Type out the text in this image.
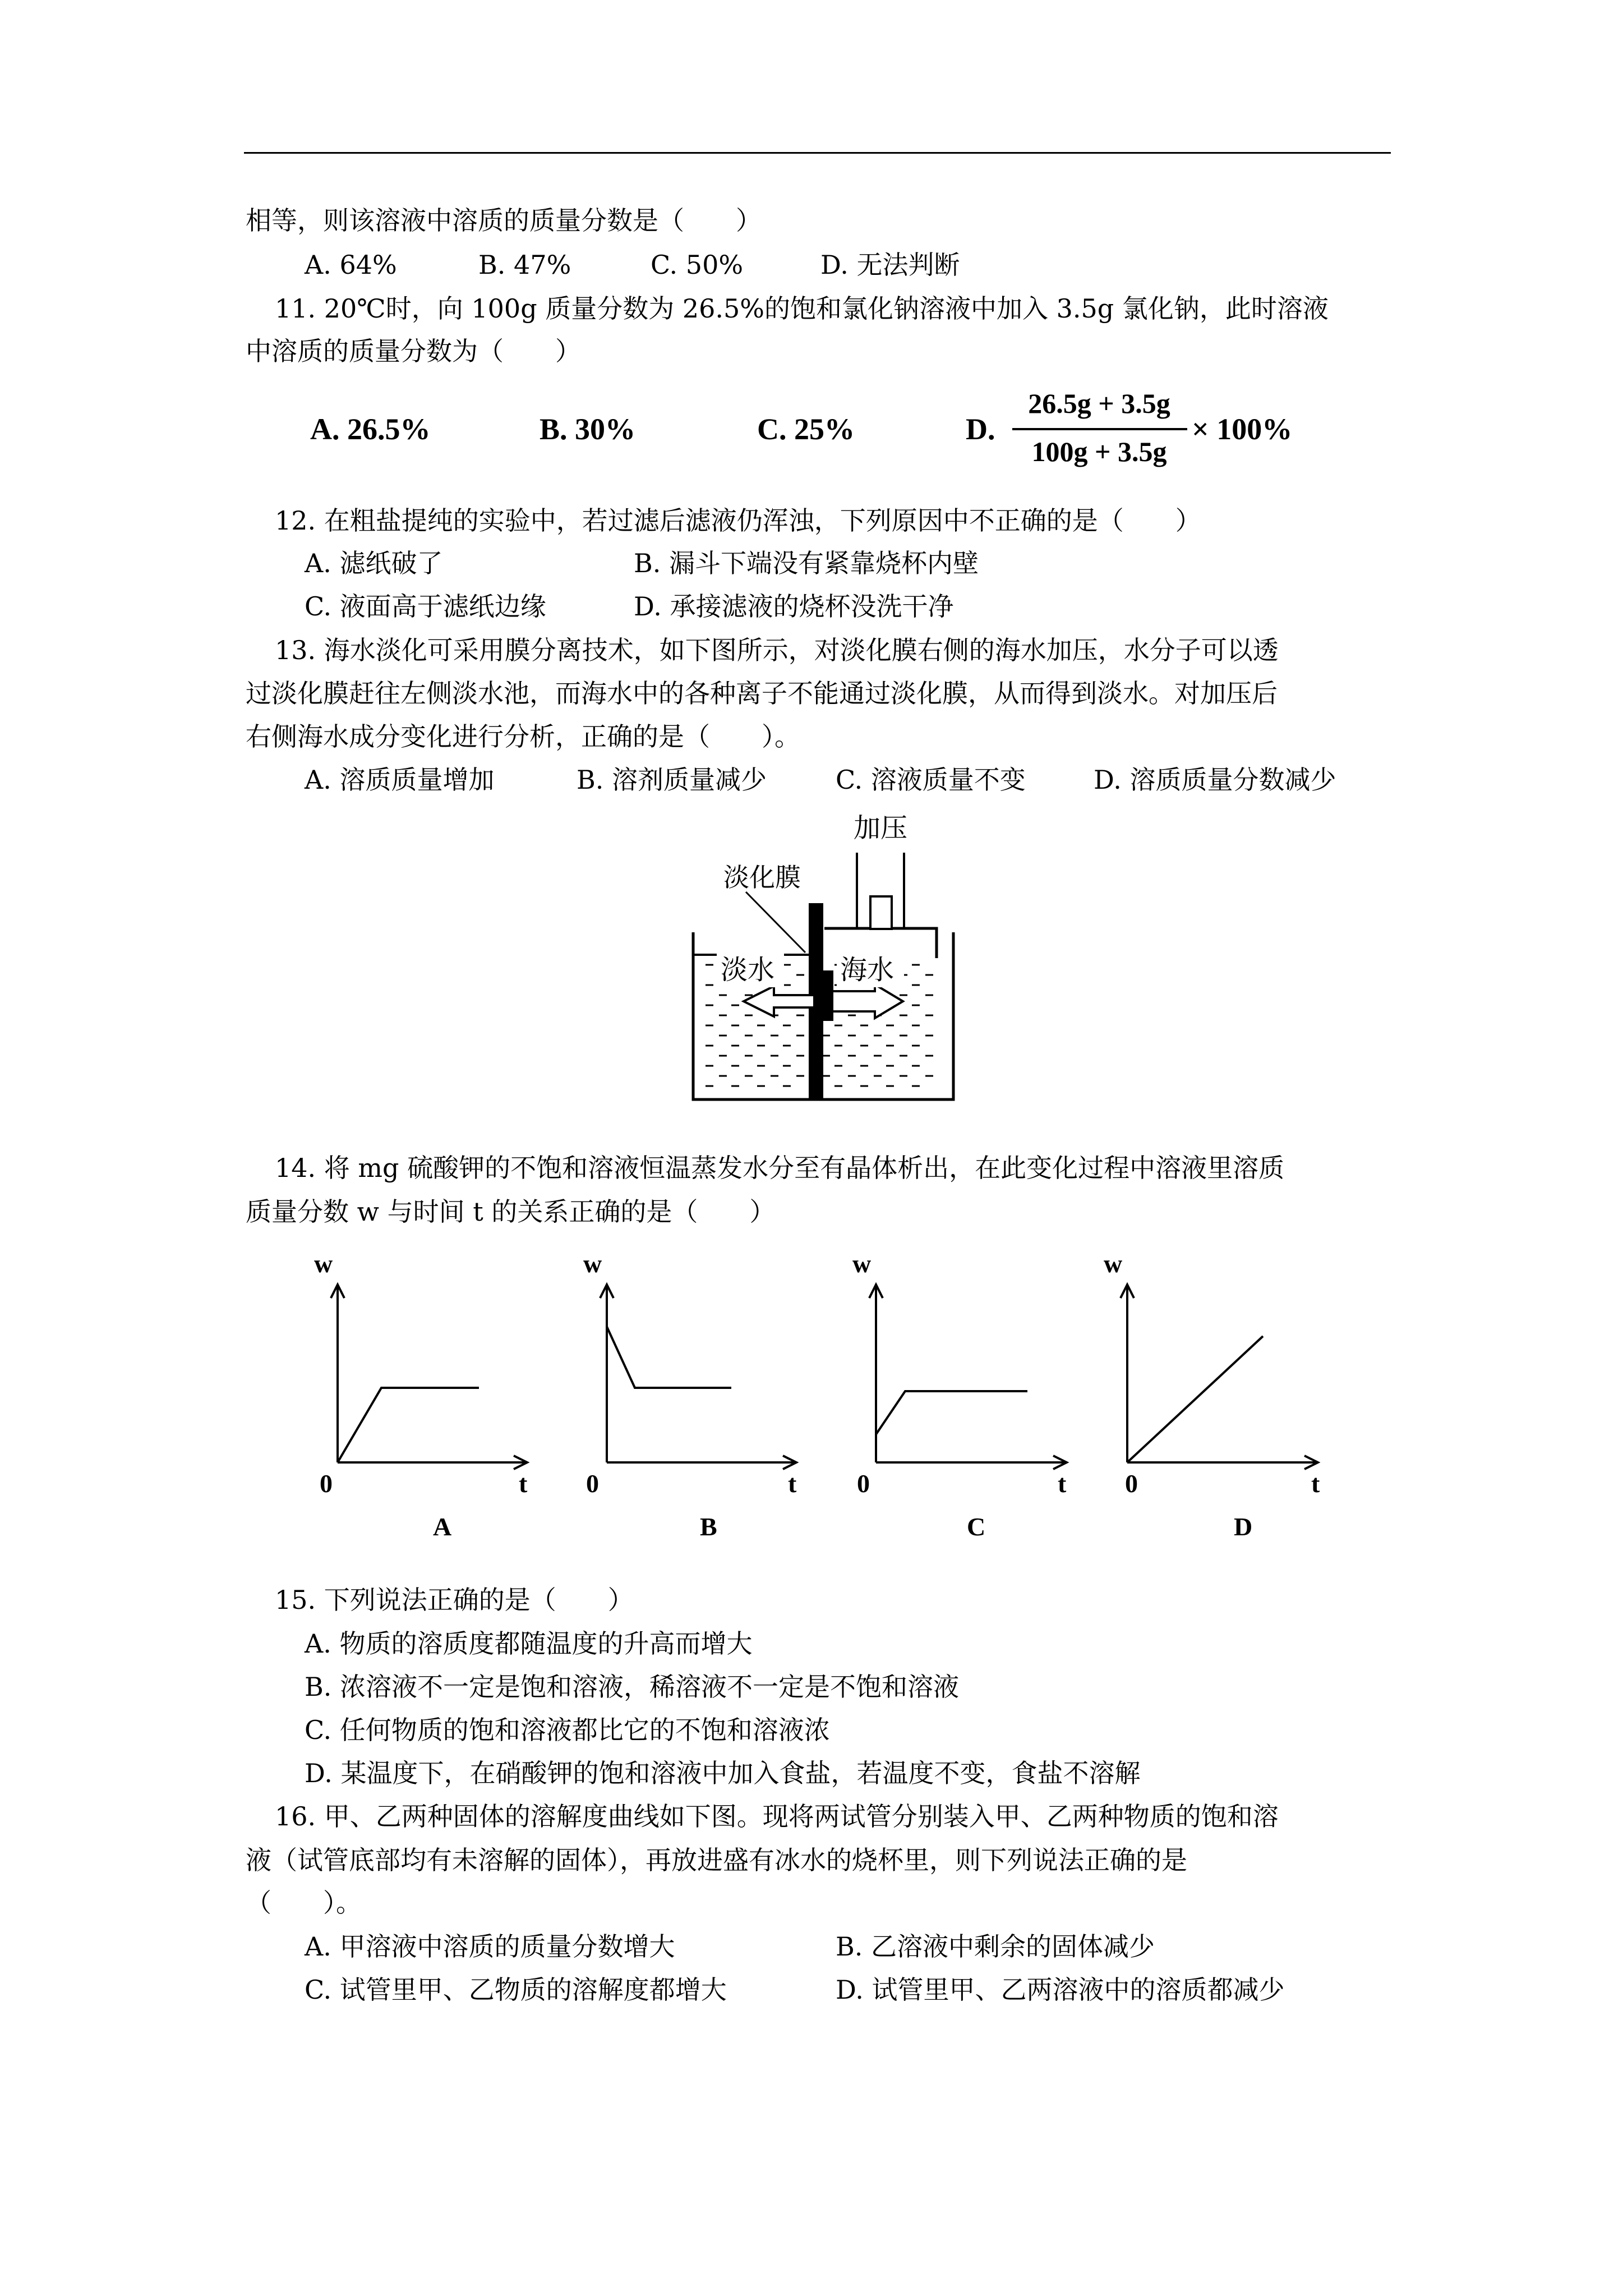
相等，则该溶液中溶质的质量分数是（　　）
A. 64%	B. 47%	C. 50%	D. 无法判断
11. 20℃时，向 100g 质量分数为 26.5%的饱和氯化钠溶液中加入 3.5g 氯化钠，此时溶液
中溶质的质量分数为（　　）
A. 26.5%	B. 30%	C. 25%	D.
26.5g + 3.5g
100g + 3.5g
× 100%
12. 在粗盐提纯的实验中，若过滤后滤液仍浑浊，下列原因中不正确的是（　　）
A. 滤纸破了	B. 漏斗下端没有紧靠烧杯内壁
C. 液面高于滤纸边缘	D. 承接滤液的烧杯没洗干净
13. 海水淡化可采用膜分离技术，如下图所示，对淡化膜右侧的海水加压，水分子可以透
过淡化膜赶往左侧淡水池，而海水中的各种离子不能通过淡化膜，从而得到淡水。对加压后
右侧海水成分变化进行分析，正确的是（　　）。
A. 溶质质量增加	B. 溶剂质量减少	C. 溶液质量不变	D. 溶质质量分数减少
加压
淡化膜
淡水 海水
14. 将 mg 硫酸钾的不饱和溶液恒温蒸发水分至有晶体析出，在此变化过程中溶液里溶质
质量分数 w 与时间 t 的关系正确的是（　　）
w
0	t
A
w
0	t
B
w
0	t
C
w
0	t
D
15. 下列说法正确的是（　　）
A. 物质的溶质度都随温度的升高而增大
B. 浓溶液不一定是饱和溶液，稀溶液不一定是不饱和溶液
C. 任何物质的饱和溶液都比它的不饱和溶液浓
D. 某温度下，在硝酸钾的饱和溶液中加入食盐，若温度不变，食盐不溶解
16. 甲、乙两种固体的溶解度曲线如下图。现将两试管分别装入甲、乙两种物质的饱和溶
液（试管底部均有未溶解的固体），再放进盛有冰水的烧杯里，则下列说法正确的是
（　　）。
A. 甲溶液中溶质的质量分数增大	B. 乙溶液中剩余的固体减少
C. 试管里甲、乙物质的溶解度都增大	D. 试管里甲、乙两溶液中的溶质都减少
